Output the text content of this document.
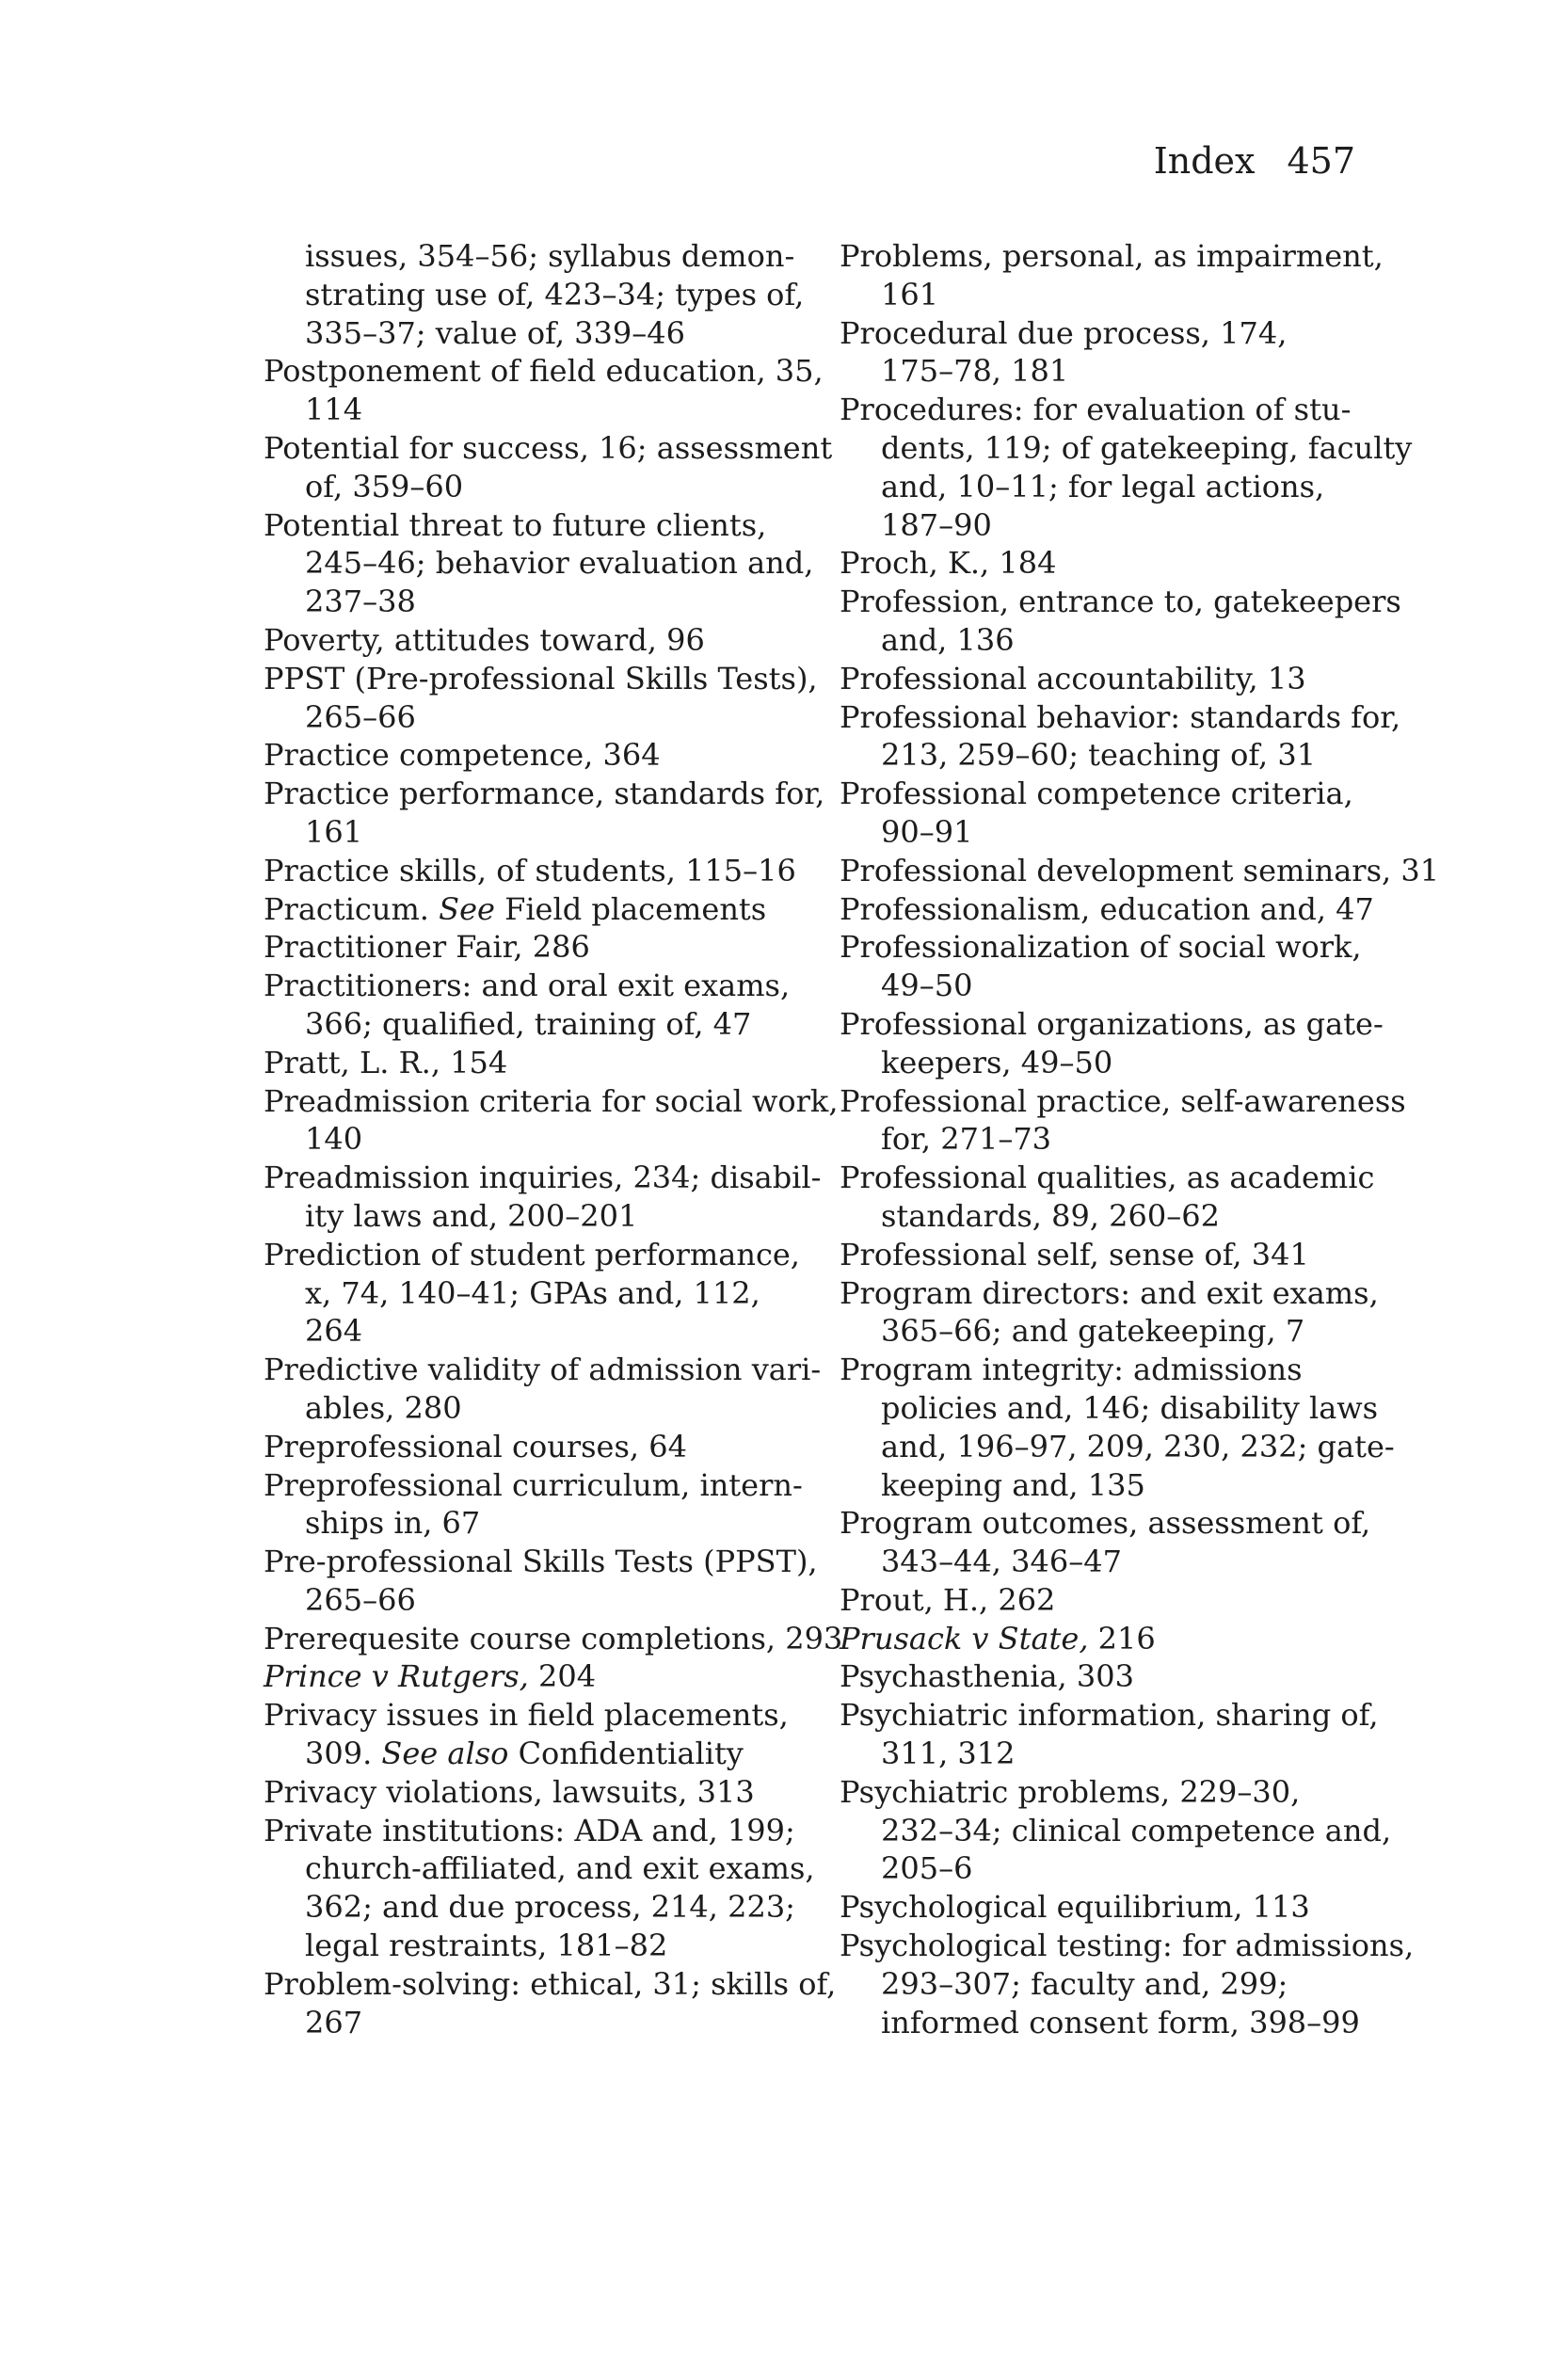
Index 457
issues, 354–56; syllabus demon-
strating use of, 423–34; types of,
335–37; value of, 339–46
Postponement of field education, 35,
114
Potential for success, 16; assessment
of, 359–60
Potential threat to future clients,
245–46; behavior evaluation and,
237–38
Poverty, attitudes toward, 96
PPST (Pre-professional Skills Tests),
265–66
Practice competence, 364
Practice performance, standards for,
161
Practice skills, of students, 115–16
Practicum. See Field placements
Practitioner Fair, 286
Practitioners: and oral exit exams,
366; qualified, training of, 47
Pratt, L. R., 154
Preadmission criteria for social work,
140
Preadmission inquiries, 234; disabil-
ity laws and, 200–201
Prediction of student performance,
x, 74, 140–41; GPAs and, 112,
264
Predictive validity of admission vari-
ables, 280
Preprofessional courses, 64
Preprofessional curriculum, intern-
ships in, 67
Pre-professional Skills Tests (PPST),
265–66
Prerequesite course completions, 293
Prince v Rutgers, 204
Privacy issues in field placements,
309. See also Confidentiality
Privacy violations, lawsuits, 313
Private institutions: ADA and, 199;
church-affiliated, and exit exams,
362; and due process, 214, 223;
legal restraints, 181–82
Problem-solving: ethical, 31; skills of,
267
Problems, personal, as impairment,
161
Procedural due process, 174,
175–78, 181
Procedures: for evaluation of stu-
dents, 119; of gatekeeping, faculty
and, 10–11; for legal actions,
187–90
Proch, K., 184
Profession, entrance to, gatekeepers
and, 136
Professional accountability, 13
Professional behavior: standards for,
213, 259–60; teaching of, 31
Professional competence criteria,
90–91
Professional development seminars, 31
Professionalism, education and, 47
Professionalization of social work,
49–50
Professional organizations, as gate-
keepers, 49–50
Professional practice, self-awareness
for, 271–73
Professional qualities, as academic
standards, 89, 260–62
Professional self, sense of, 341
Program directors: and exit exams,
365–66; and gatekeeping, 7
Program integrity: admissions
policies and, 146; disability laws
and, 196–97, 209, 230, 232; gate-
keeping and, 135
Program outcomes, assessment of,
343–44, 346–47
Prout, H., 262
Prusack v State, 216
Psychasthenia, 303
Psychiatric information, sharing of,
311, 312
Psychiatric problems, 229–30,
232–34; clinical competence and,
205–6
Psychological equilibrium, 113
Psychological testing: for admissions,
293–307; faculty and, 299;
informed consent form, 398–99
